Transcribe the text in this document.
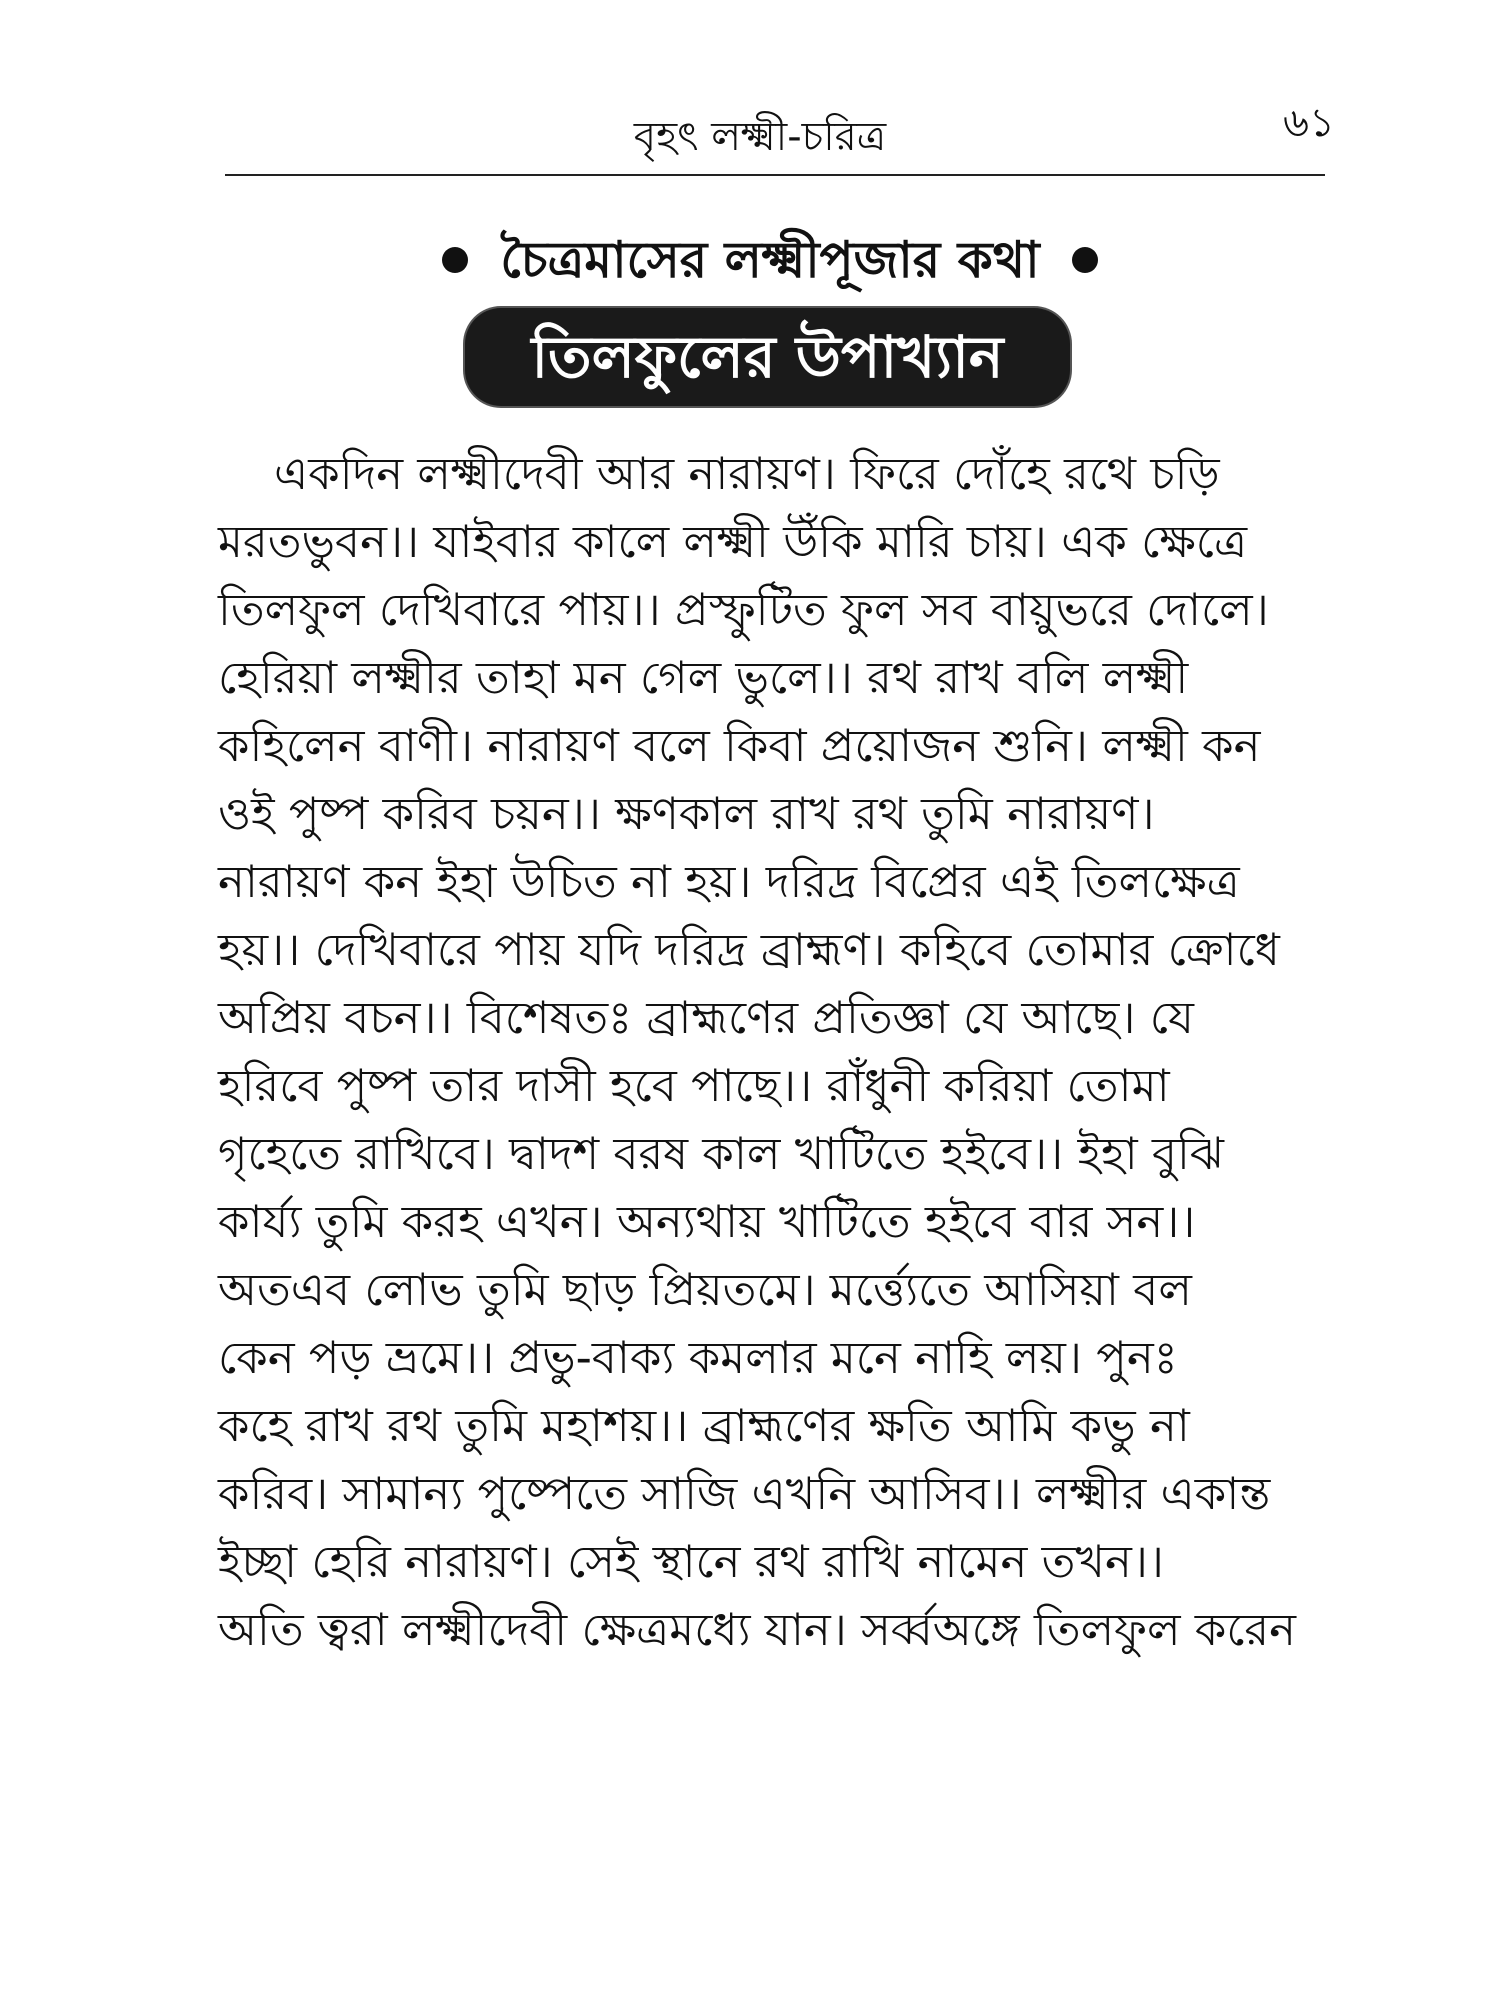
বৃহৎ লক্ষ্মী-চরিত্র	৬১
চৈত্রমাসের লক্ষ্মীপূজার কথা
তিলফুলের উপাখ্যান
একদিন লক্ষ্মীদেবী আর নারায়ণ। ফিরে দোঁহে রথে চড়ি
মরতভুবন।। যাইবার কালে লক্ষ্মী উঁকি মারি চায়। এক ক্ষেত্রে
তিলফুল দেখিবারে পায়।। প্রস্ফুটিত ফুল সব বায়ুভরে দোলে।
হেরিয়া লক্ষ্মীর তাহা মন গেল ভুলে।। রথ রাখ বলি লক্ষ্মী
কহিলেন বাণী। নারায়ণ বলে কিবা প্রয়োজন শুনি। লক্ষ্মী কন
ওই পুষ্প করিব চয়ন।। ক্ষণকাল রাখ রথ তুমি নারায়ণ।
নারায়ণ কন ইহা উচিত না হয়। দরিদ্র বিপ্রের এই তিলক্ষেত্র
হয়।। দেখিবারে পায় যদি দরিদ্র ব্রাহ্মণ। কহিবে তোমার ক্রোধে
অপ্রিয় বচন।। বিশেষতঃ ব্রাহ্মণের প্রতিজ্ঞা যে আছে। যে
হরিবে পুষ্প তার দাসী হবে পাছে।। রাঁধুনী করিয়া তোমা
গৃহেতে রাখিবে। দ্বাদশ বরষ কাল খাটিতে হইবে।। ইহা বুঝি
কার্য্য তুমি করহ এখন। অন্যথায় খাটিতে হইবে বার সন।।
অতএব লোভ তুমি ছাড় প্রিয়তমে। মর্ত্ত্যেতে আসিয়া বল
কেন পড় ভ্রমে।। প্রভু-বাক্য কমলার মনে নাহি লয়। পুনঃ
কহে রাখ রথ তুমি মহাশয়।। ব্রাহ্মণের ক্ষতি আমি কভু না
করিব। সামান্য পুষ্পেতে সাজি এখনি আসিব।। লক্ষ্মীর একান্ত
ইচ্ছা হেরি নারায়ণ। সেই স্থানে রথ রাখি নামেন তখন।।
অতি ত্বরা লক্ষ্মীদেবী ক্ষেত্রমধ্যে যান। সর্ব্বঅঙ্গে তিলফুল করেন
